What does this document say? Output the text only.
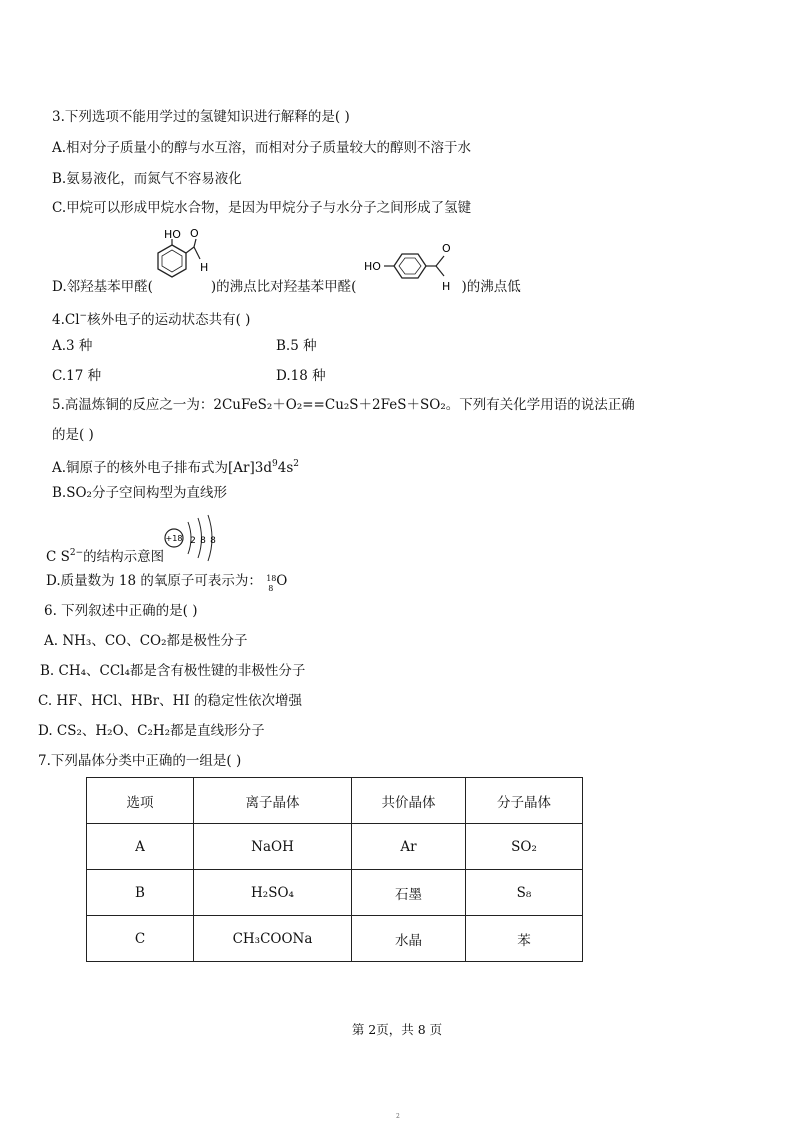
3.下列选项不能用学过的氢键知识进行解释的是( )
A.相对分子质量小的醇与水互溶，而相对分子质量较大的醇则不溶于水
B.氨易液化，而氮气不容易液化
C.甲烷可以形成甲烷水合物，是因为甲烷分子与水分子之间形成了氢键
D.邻羟基苯甲醛(	)的沸点比对羟基苯甲醛(	)的沸点低
HO O
H	HO
O
H
4.Cl−核外电子的运动状态共有( )
A.3 种	B.5 种
C.17 种	D.18 种
5.高温炼铜的反应之一为：2CuFeS₂＋O₂==Cu₂S＋2FeS＋SO₂。下列有关化学用语的说法正确
的是( )
A.铜原子的核外电子排布式为$[Ar]3d^94s^2$
B.SO₂分子空间构型为直线形
C $S^{2-}$的结构示意图
+18 2 8 8
D.质量数为 18 的氧原子可表示为： 18
8 O
6. 下列叙述中正确的是( )
A. NH₃、CO、CO₂都是极性分子
B. CH₄、CCl₄都是含有极性键的非极性分子
C. HF、HCl、HBr、HI 的稳定性依次增强
D. CS₂、H₂O、C₂H₂都是直线形分子
7.下列晶体分类中正确的一组是( )
选项	离子晶体	共价晶体	分子晶体
A	NaOH	Ar	SO₂
B	H₂SO₄	石墨	S₈
C	CH₃COONa	水晶	苯
第 2页，共 8 页
2
